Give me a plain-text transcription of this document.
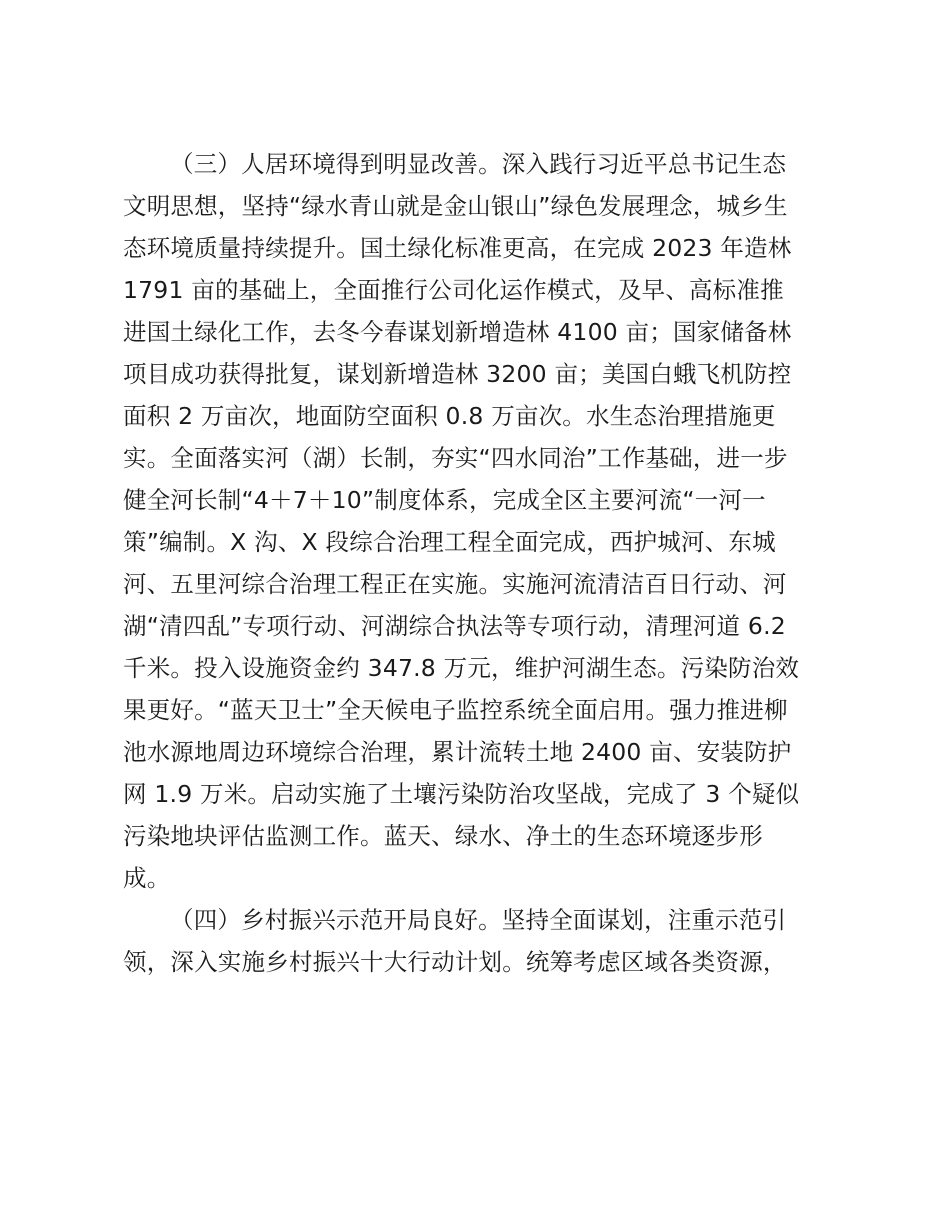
（三）人居环境得到明显改善。深入践行习近平总书记生态
文明思想，坚持“绿水青山就是金山银山”绿色发展理念，城乡生
态环境质量持续提升。国土绿化标准更高，在完成 2023 年造林
1791 亩的基础上，全面推行公司化运作模式，及早、高标准推
进国土绿化工作，去冬今春谋划新增造林 4100 亩；国家储备林
项目成功获得批复，谋划新增造林 3200 亩；美国白蛾飞机防控
面积 2 万亩次，地面防空面积 0.8 万亩次。水生态治理措施更
实。全面落实河（湖）长制，夯实“四水同治”工作基础，进一步
健全河长制“4＋7＋10”制度体系，完成全区主要河流“一河一
策”编制。X 沟、X 段综合治理工程全面完成，西护城河、东城
河、五里河综合治理工程正在实施。实施河流清洁百日行动、河
湖“清四乱”专项行动、河湖综合执法等专项行动，清理河道 6.2
千米。投入设施资金约 347.8 万元，维护河湖生态。污染防治效
果更好。“蓝天卫士”全天候电子监控系统全面启用。强力推进柳
池水源地周边环境综合治理，累计流转土地 2400 亩、安装防护
网 1.9 万米。启动实施了土壤污染防治攻坚战，完成了 3 个疑似
污染地块评估监测工作。蓝天、绿水、净土的生态环境逐步形
成。
（四）乡村振兴示范开局良好。坚持全面谋划，注重示范引
领，深入实施乡村振兴十大行动计划。统筹考虑区域各类资源，
